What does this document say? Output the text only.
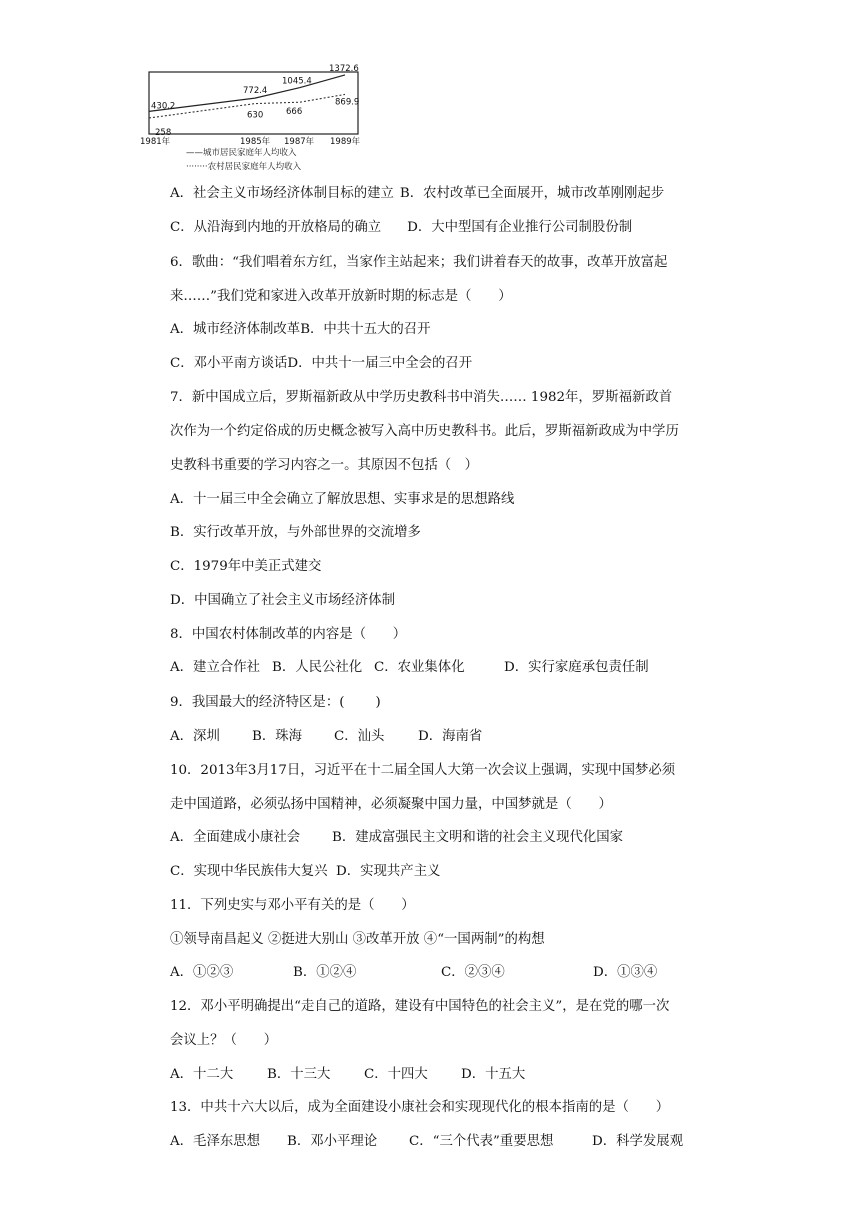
430.2
772.4
1045.4
1372.6
258
630	666
869.9
1981年	1985年 1987年 1989年
——城市居民家庭年人均收入
········农村居民家庭年人均收入
A．社会主义市场经济体制目标的建立 B．农村改革已全面展开，城市改革刚刚起步
C．从沿海到内地的开放格局的确立 D．大中型国有企业推行公司制股份制
6．歌曲：“我们唱着东方红，当家作主站起来；我们讲着春天的故事，改革开放富起
来……”我们党和家进入改革开放新时期的标志是（　　）
A．城市经济体制改革B．中共十五大的召开
C．邓小平南方谈话D．中共十一届三中全会的召开
7．新中国成立后，罗斯福新政从中学历史教科书中消失…… 1982年，罗斯福新政首
次作为一个约定俗成的历史概念被写入高中历史教科书。此后，罗斯福新政成为中学历
史教科书重要的学习内容之一。其原因不包括（　）
A．十一届三中全会确立了解放思想、实事求是的思想路线
B．实行改革开放，与外部世界的交流增多
C．1979年中美正式建交
D．中国确立了社会主义市场经济体制
8．中国农村体制改革的内容是（　　）
A．建立合作社 B．人民公社化 C．农业集体化	D．实行家庭承包责任制
9．我国最大的经济特区是：(　　 )
A．深圳 B．珠海 C．汕头	D．海南省
10．2013年3月17日，习近平在十二届全国人大第一次会议上强调，实现中国梦必须
走中国道路，必须弘扬中国精神，必须凝聚中国力量，中国梦就是（　　）
A．全面建成小康社会 B．建成富强民主文明和谐的社会主义现代化国家
C．实现中华民族伟大复兴 D．实现共产主义
11．下列史实与邓小平有关的是（　　）
①领导南昌起义 ②挺进大别山 ③改革开放 ④“一国两制”的构想
A．①②③	B．①②④	C．②③④	D．①③④
12．邓小平明确提出“走自己的道路，建设有中国特色的社会主义”，是在党的哪一次
会议上？（　　）
A．十二大	B．十三大	C．十四大 D．十五大
13．中共十六大以后，成为全面建设小康社会和实现现代化的根本指南的是（　　）
A．毛泽东思想 B．邓小平理论 C．“三个代表”重要思想	D．科学发展观
